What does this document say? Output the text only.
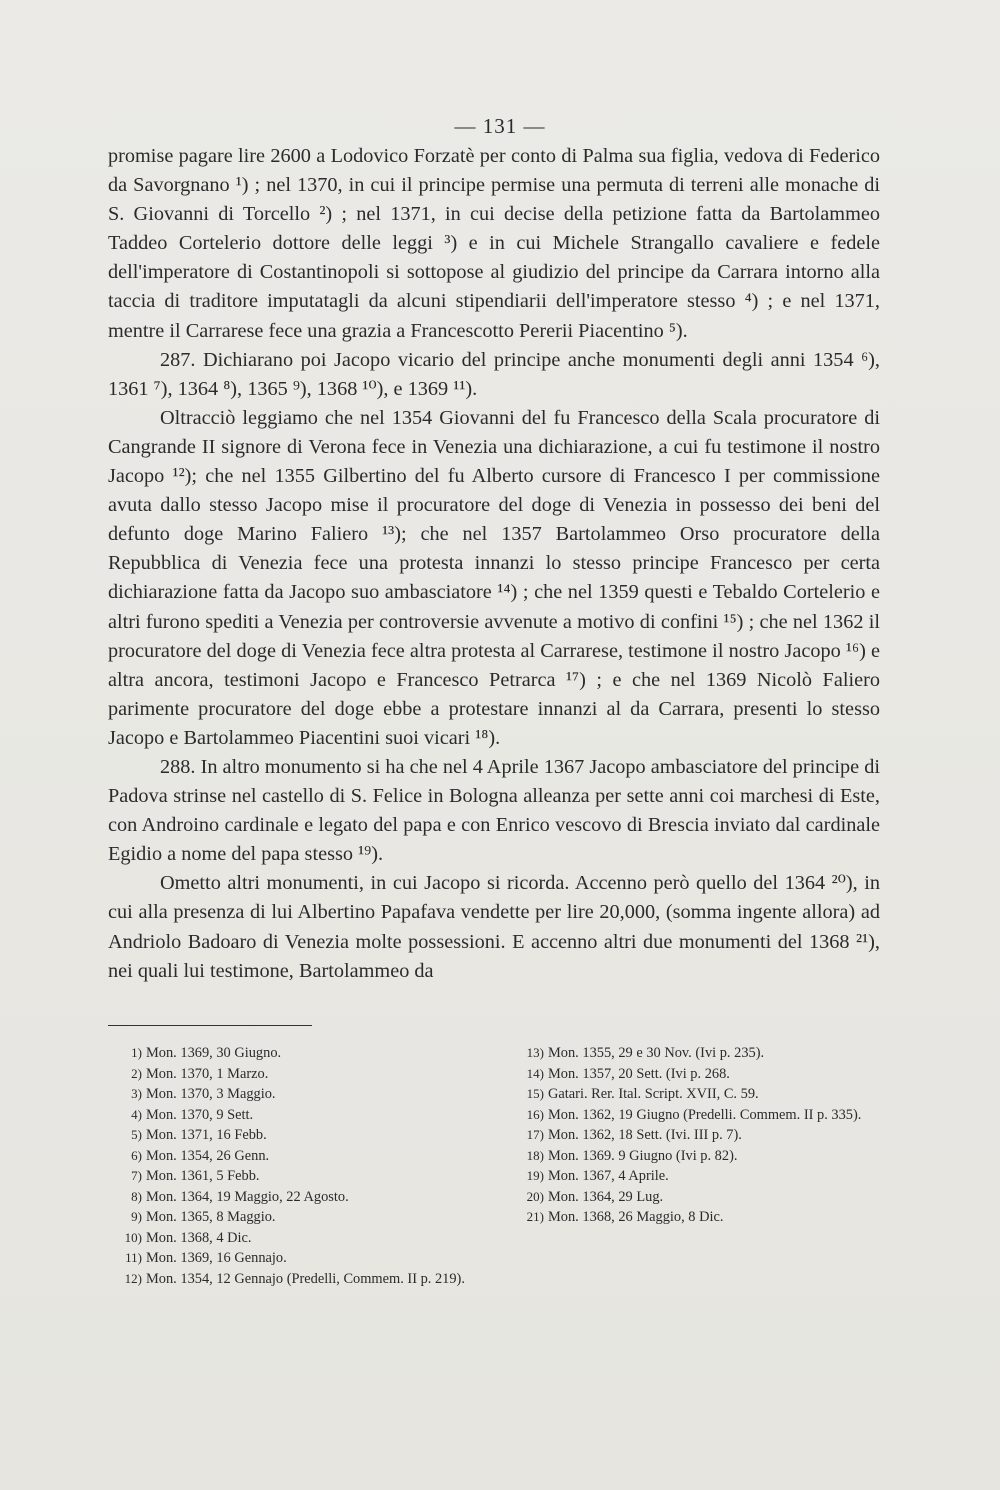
— 131 —

promise pagare lire 2600 a Lodovico Forzatè per conto di Palma sua figlia, vedova di Federico da Savorgnano ¹) ; nel 1370, in cui il principe permise una permuta di terreni alle monache di S. Giovanni di Torcello ²) ; nel 1371, in cui decise della petizione fatta da Bartolammeo Taddeo Cortelerio dottore delle leggi ³) e in cui Michele Strangallo cavaliere e fedele dell'imperatore di Costantinopoli si sottopose al giudizio del principe da Carrara intorno alla taccia di traditore imputatagli da alcuni stipendiarii dell'imperatore stesso ⁴) ; e nel 1371, mentre il Carrarese fece una grazia a Francescotto Pererii Piacentino ⁵).

287. Dichiarano poi Jacopo vicario del principe anche monumenti degli anni 1354 ⁶), 1361 ⁷), 1364 ⁸), 1365 ⁹), 1368 ¹⁰), e 1369 ¹¹).

Oltracciò leggiamo che nel 1354 Giovanni del fu Francesco della Scala procuratore di Cangrande II signore di Verona fece in Venezia una dichiarazione, a cui fu testimone il nostro Jacopo ¹²); che nel 1355 Gilbertino del fu Alberto cursore di Francesco I per commissione avuta dallo stesso Jacopo mise il procuratore del doge di Venezia in possesso dei beni del defunto doge Marino Faliero ¹³); che nel 1357 Bartolammeo Orso procuratore della Repubblica di Venezia fece una protesta innanzi lo stesso principe Francesco per certa dichiarazione fatta da Jacopo suo ambasciatore ¹⁴) ; che nel 1359 questi e Tebaldo Cortelerio e altri furono spediti a Venezia per controversie avvenute a motivo di confini ¹⁵) ; che nel 1362 il procuratore del doge di Venezia fece altra protesta al Carrarese, testimone il nostro Jacopo ¹⁶) e altra ancora, testimoni Jacopo e Francesco Petrarca ¹⁷) ; e che nel 1369 Nicolò Faliero parimente procuratore del doge ebbe a protestare innanzi al da Carrara, presenti lo stesso Jacopo e Bartolammeo Piacentini suoi vicari ¹⁸).

288. In altro monumento si ha che nel 4 Aprile 1367 Jacopo ambasciatore del principe di Padova strinse nel castello di S. Felice in Bologna alleanza per sette anni coi marchesi di Este, con Androino cardinale e legato del papa e con Enrico vescovo di Brescia inviato dal cardinale Egidio a nome del papa stesso ¹⁹).

Ometto altri monumenti, in cui Jacopo si ricorda. Accenno però quello del 1364 ²⁰), in cui alla presenza di lui Albertino Papafava vendette per lire 20,000, (somma ingente allora) ad Andriolo Badoaro di Venezia molte possessioni. E accenno altri due monumenti del 1368 ²¹), nei quali lui testimone, Bartolammeo da

1) Mon. 1369, 30 Giugno.
2) Mon. 1370, 1 Marzo.
3) Mon. 1370, 3 Maggio.
4) Mon. 1370, 9 Sett.
5) Mon. 1371, 16 Febb.
6) Mon. 1354, 26 Genn.
7) Mon. 1361, 5 Febb.
8) Mon. 1364, 19 Maggio, 22 Agosto.
9) Mon. 1365, 8 Maggio.
10) Mon. 1368, 4 Dic.
11) Mon. 1369, 16 Gennajo.
12) Mon. 1354, 12 Gennajo (Predelli, Commem. II p. 219).
13) Mon. 1355, 29 e 30 Nov. (Ivi p. 235).
14) Mon. 1357, 20 Sett. (Ivi p. 268.
15) Gatari. Rer. Ital. Script. XVII, C. 59.
16) Mon. 1362, 19 Giugno (Predelli. Commem. II p. 335).
17) Mon. 1362, 18 Sett. (Ivi. III p. 7).
18) Mon. 1369. 9 Giugno (Ivi p. 82).
19) Mon. 1367, 4 Aprile.
20) Mon. 1364, 29 Lug.
21) Mon. 1368, 26 Maggio, 8 Dic.
